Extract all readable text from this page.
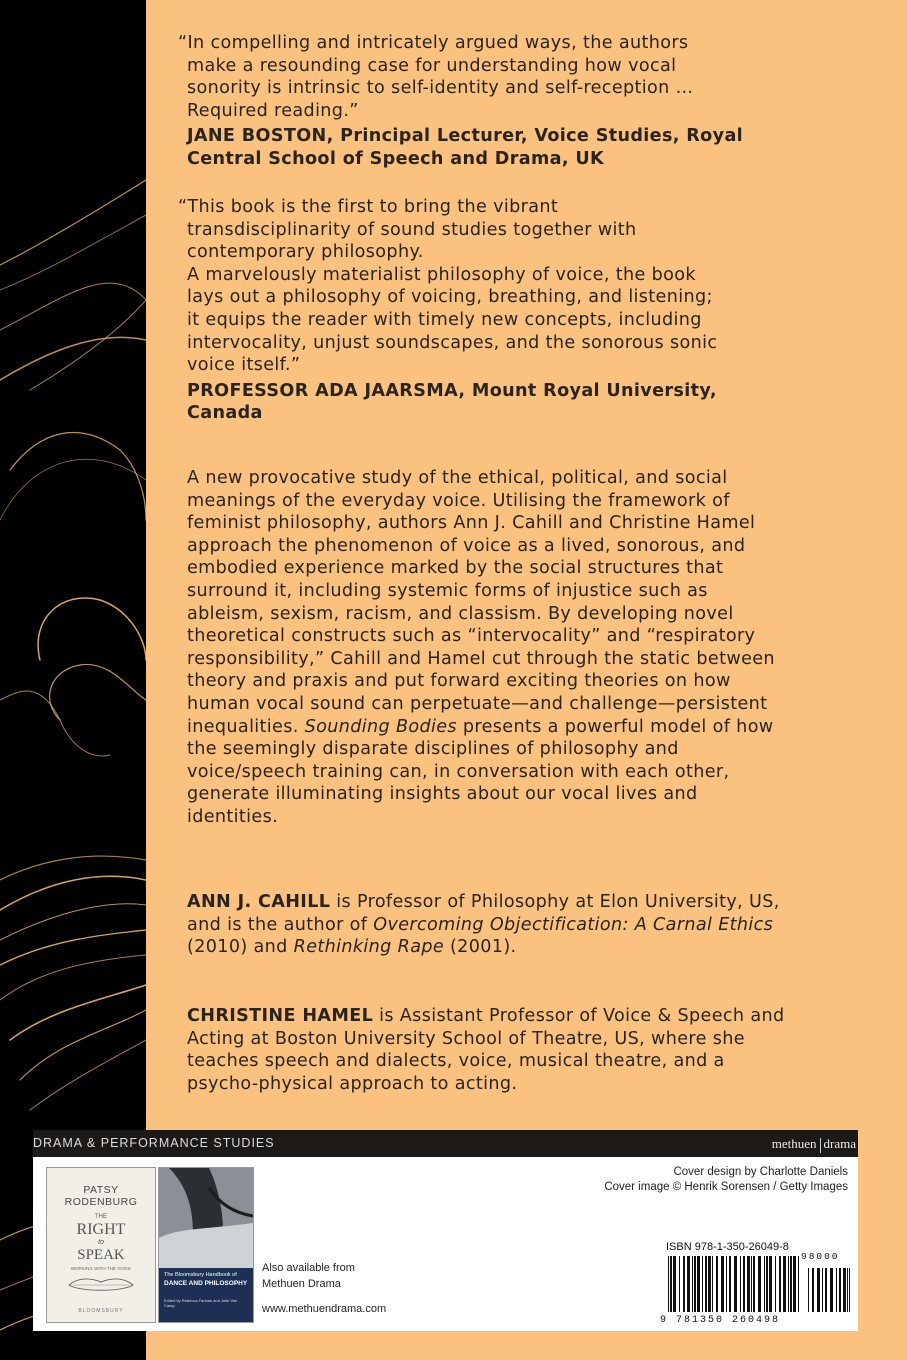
“In compelling and intricately argued ways, the authors
make a resounding case for understanding how vocal
sonority is intrinsic to self-identity and self-reception …
Required reading.”
JANE BOSTON, Principal Lecturer, Voice Studies, Royal
Central School of Speech and Drama, UK
“This book is the first to bring the vibrant
transdisciplinarity of sound studies together with
contemporary philosophy.
A marvelously materialist philosophy of voice, the book
lays out a philosophy of voicing, breathing, and listening;
it equips the reader with timely new concepts, including
intervocality, unjust soundscapes, and the sonorous sonic
voice itself.”
PROFESSOR ADA JAARSMA, Mount Royal University,
Canada

A new provocative study of the ethical, political, and social meanings of the everyday voice. Utilising the framework of feminist philosophy, authors Ann J. Cahill and Christine Hamel approach the phenomenon of voice as a lived, sonorous, and embodied experience marked by the social structures that surround it, including systemic forms of injustice such as ableism, sexism, racism, and classism. By developing novel theoretical constructs such as “intervocality” and “respiratory responsibility,” Cahill and Hamel cut through the static between theory and praxis and put forward exciting theories on how human vocal sound can perpetuate—and challenge—persistent inequalities. Sounding Bodies presents a powerful model of how the seemingly disparate disciplines of philosophy and voice/speech training can, in conversation with each other, generate illuminating insights about our vocal lives and identities.

ANN J. CAHILL is Professor of Philosophy at Elon University, US, and is the author of Overcoming Objectification: A Carnal Ethics (2010) and Rethinking Rape (2001).

CHRISTINE HAMEL is Assistant Professor of Voice & Speech and Acting at Boston University School of Theatre, US, where she teaches speech and dialects, voice, musical theatre, and a psycho-physical approach to acting.

DRAMA & PERFORMANCE STUDIES	methuen drama
PATSY RODENBURG
THE
RIGHT
to
SPEAK
WORKING WITH THE VOICE
BLOOMSBURY
The Bloomsbury Handbook of
DANCE AND PHILOSOPHY
Edited by Rebecca Farinas and Julie Van Camp
Also available from
Methuen Drama
www.methuendrama.com
Cover design by Charlotte Daniels
Cover image © Henrik Sorensen / Getty Images
ISBN 978-1-350-26049-8
9 781350 260498
98000
